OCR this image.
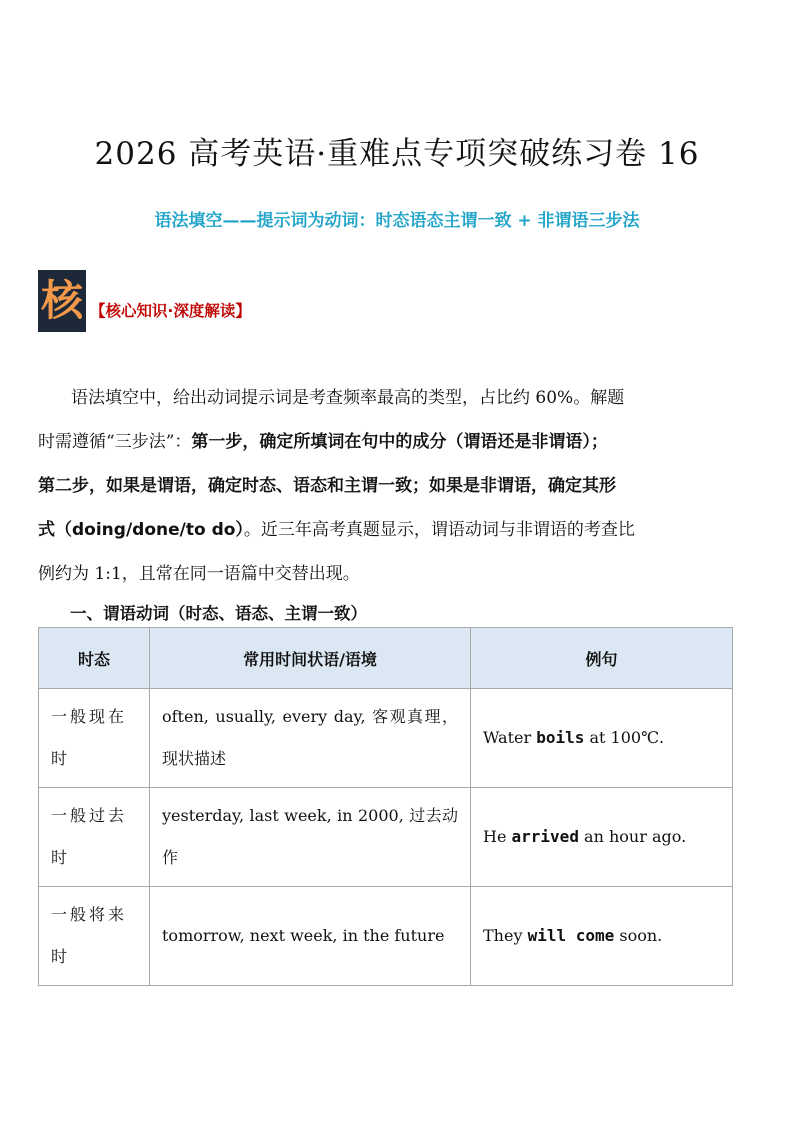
2026 高考英语·重难点专项突破练习卷 16
语法填空——提示词为动词：时态语态主谓一致 + 非谓语三步法
核 【核心知识·深度解读】

语法填空中，给出动词提示词是考查频率最高的类型，占比约 60%。解题

时需遵循“三步法”：第一步，确定所填词在句中的成分（谓语还是非谓语）；

第二步，如果是谓语，确定时态、语态和主谓一致；如果是非谓语，确定其形

式（doing/done/to do）。近三年高考真题显示，谓语动词与非谓语的考查比

例约为 1:1，且常在同一语篇中交替出现。

一、谓语动词（时态、语态、主谓一致）
时态	常用时间状语/语境	例句
一般现在时	often, usually, every day, 客观真理，现状描述	Water boils at 100℃.
一般过去时	yesterday, last week, in 2000, 过去动作	He arrived an hour ago.
一般将来时	tomorrow, next week, in the future	They will come soon.
